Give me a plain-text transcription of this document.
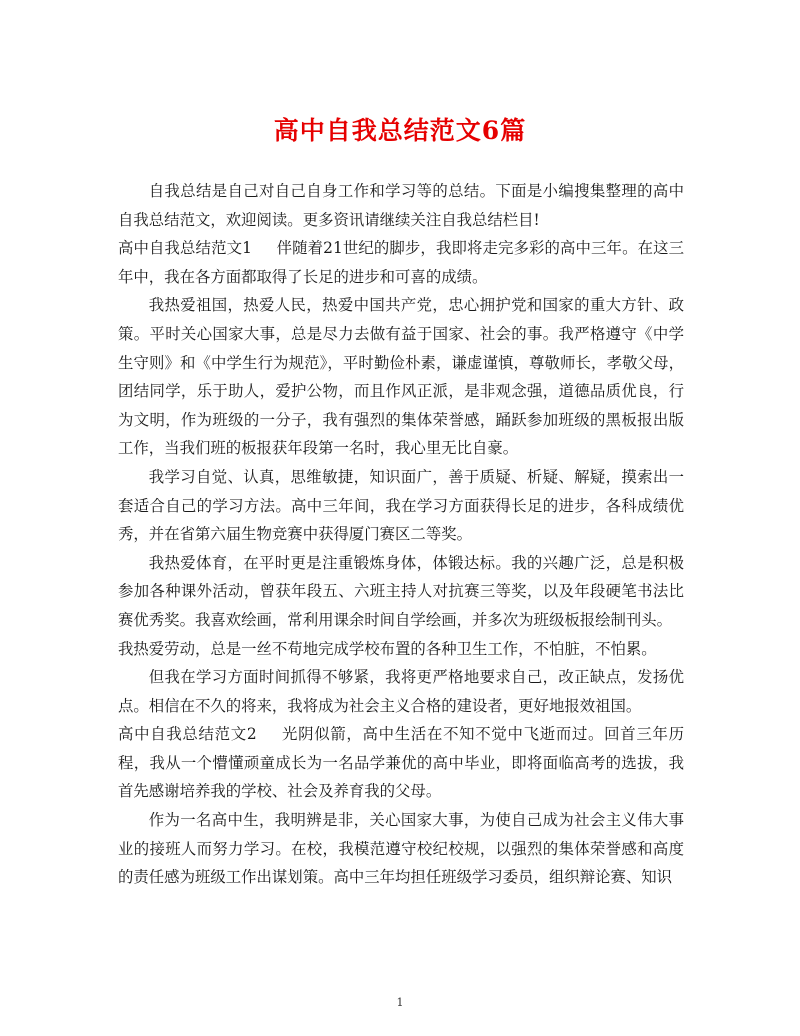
高中自我总结范文6篇

自我总结是自己对自己自身工作和学习等的总结。下面是小编搜集整理的高中自我总结范文，欢迎阅读。更多资讯请继续关注自我总结栏目!

高中自我总结范文1 伴随着21世纪的脚步，我即将走完多彩的高中三年。在这三年中，我在各方面都取得了长足的进步和可喜的成绩。

我热爱祖国，热爱人民，热爱中国共产党，忠心拥护党和国家的重大方针、政策。平时关心国家大事，总是尽力去做有益于国家、社会的事。我严格遵守《中学生守则》和《中学生行为规范》，平时勤俭朴素，谦虚谨慎，尊敬师长，孝敬父母，团结同学，乐于助人，爱护公物，而且作风正派，是非观念强，道德品质优良，行为文明，作为班级的一分子，我有强烈的集体荣誉感，踊跃参加班级的黑板报出版工作，当我们班的板报获年段第一名时，我心里无比自豪。

我学习自觉、认真，思维敏捷，知识面广，善于质疑、析疑、解疑，摸索出一套适合自己的学习方法。高中三年间，我在学习方面获得长足的进步，各科成绩优秀，并在省第六届生物竞赛中获得厦门赛区二等奖。

我热爱体育，在平时更是注重锻炼身体，体锻达标。我的兴趣广泛，总是积极参加各种课外活动，曾获年段五、六班主持人对抗赛三等奖，以及年段硬笔书法比赛优秀奖。我喜欢绘画，常利用课余时间自学绘画，并多次为班级板报绘制刊头。

我热爱劳动，总是一丝不苟地完成学校布置的各种卫生工作，不怕脏，不怕累。

但我在学习方面时间抓得不够紧，我将更严格地要求自己，改正缺点，发扬优点。相信在不久的将来，我将成为社会主义合格的建设者，更好地报效祖国。

高中自我总结范文2 光阴似箭，高中生活在不知不觉中飞逝而过。回首三年历程，我从一个懵懂顽童成长为一名品学兼优的高中毕业，即将面临高考的选拔，我首先感谢培养我的学校、社会及养育我的父母。

作为一名高中生，我明辨是非，关心国家大事，为使自己成为社会主义伟大事业的接班人而努力学习。在校，我模范遵守校纪校规，以强烈的集体荣誉感和高度的责任感为班级工作出谋划策。高中三年均担任班级学习委员，组织辩论赛、知识

1
